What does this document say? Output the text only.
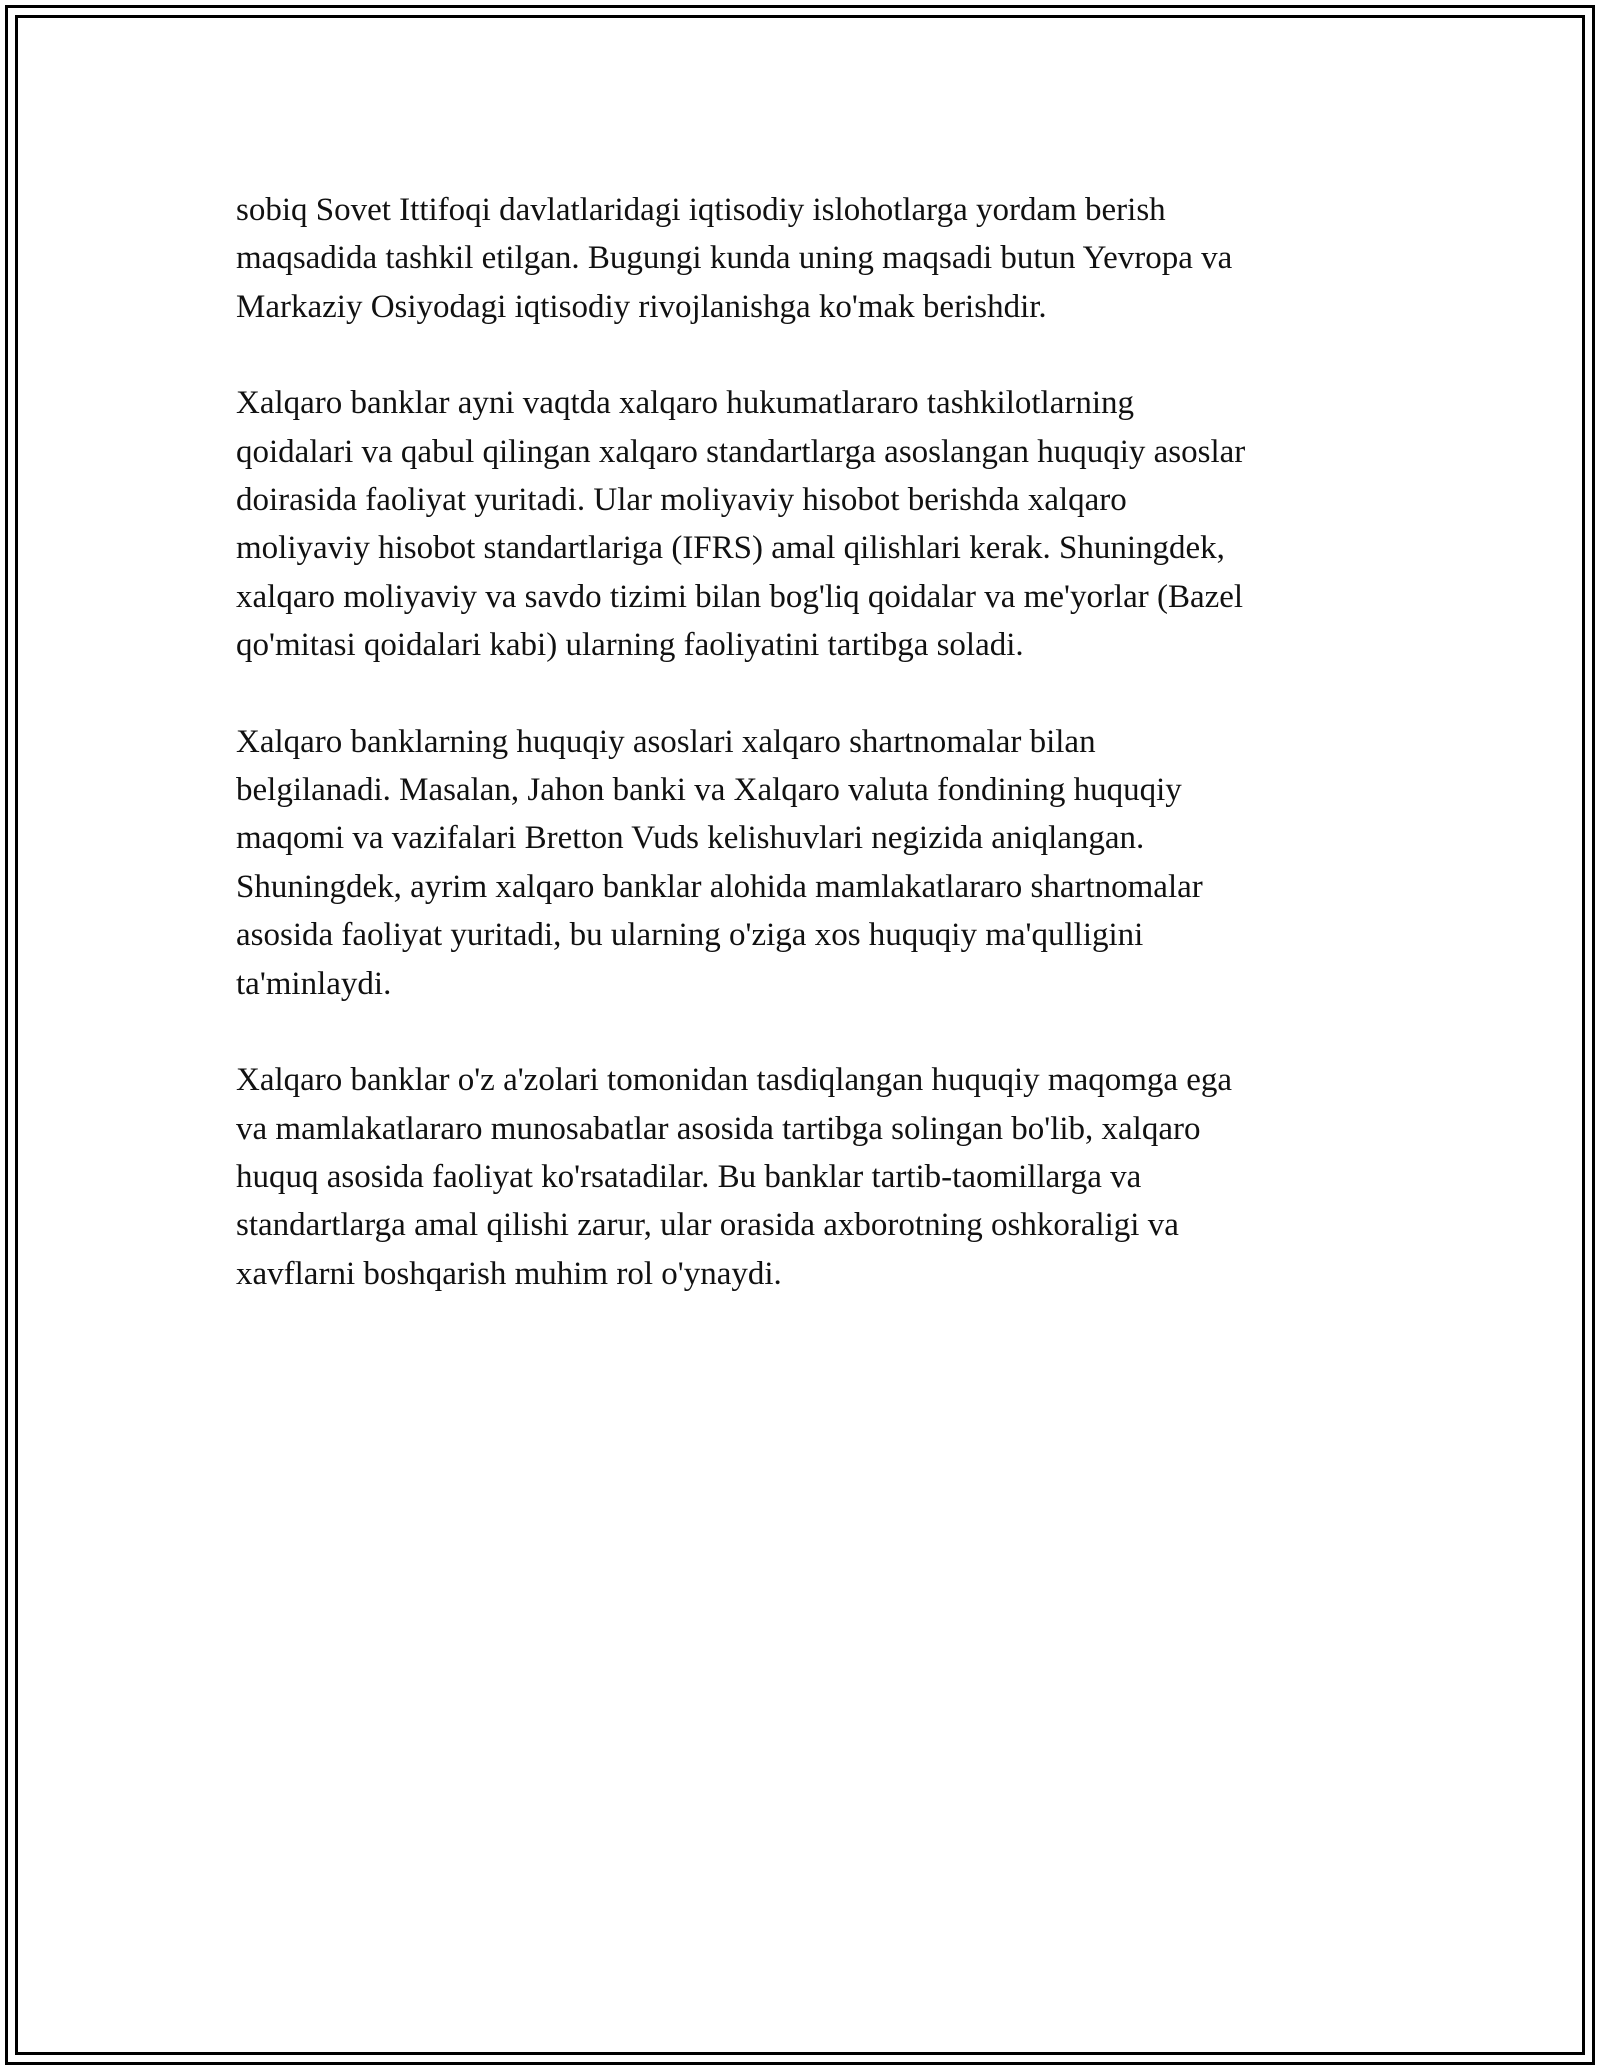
sobiq Sovet Ittifoqi davlatlaridagi iqtisodiy islohotlarga yordam berish
maqsadida tashkil etilgan. Bugungi kunda uning maqsadi butun Yevropa va
Markaziy Osiyodagi iqtisodiy rivojlanishga ko'mak berishdir.

Xalqaro banklar ayni vaqtda xalqaro hukumatlararo tashkilotlarning
qoidalari va qabul qilingan xalqaro standartlarga asoslangan huquqiy asoslar
doirasida faoliyat yuritadi. Ular moliyaviy hisobot berishda xalqaro
moliyaviy hisobot standartlariga (IFRS) amal qilishlari kerak. Shuningdek,
xalqaro moliyaviy va savdo tizimi bilan bog'liq qoidalar va me'yorlar (Bazel
qo'mitasi qoidalari kabi) ularning faoliyatini tartibga soladi.

Xalqaro banklarning huquqiy asoslari xalqaro shartnomalar bilan
belgilanadi. Masalan, Jahon banki va Xalqaro valuta fondining huquqiy
maqomi va vazifalari Bretton Vuds kelishuvlari negizida aniqlangan.
Shuningdek, ayrim xalqaro banklar alohida mamlakatlararo shartnomalar
asosida faoliyat yuritadi, bu ularning o'ziga xos huquqiy ma'qulligini
ta'minlaydi.

Xalqaro banklar o'z a'zolari tomonidan tasdiqlangan huquqiy maqomga ega
va mamlakatlararo munosabatlar asosida tartibga solingan bo'lib, xalqaro
huquq asosida faoliyat ko'rsatadilar. Bu banklar tartib-taomillarga va
standartlarga amal qilishi zarur, ular orasida axborotning oshkoraligi va
xavflarni boshqarish muhim rol o'ynaydi.
